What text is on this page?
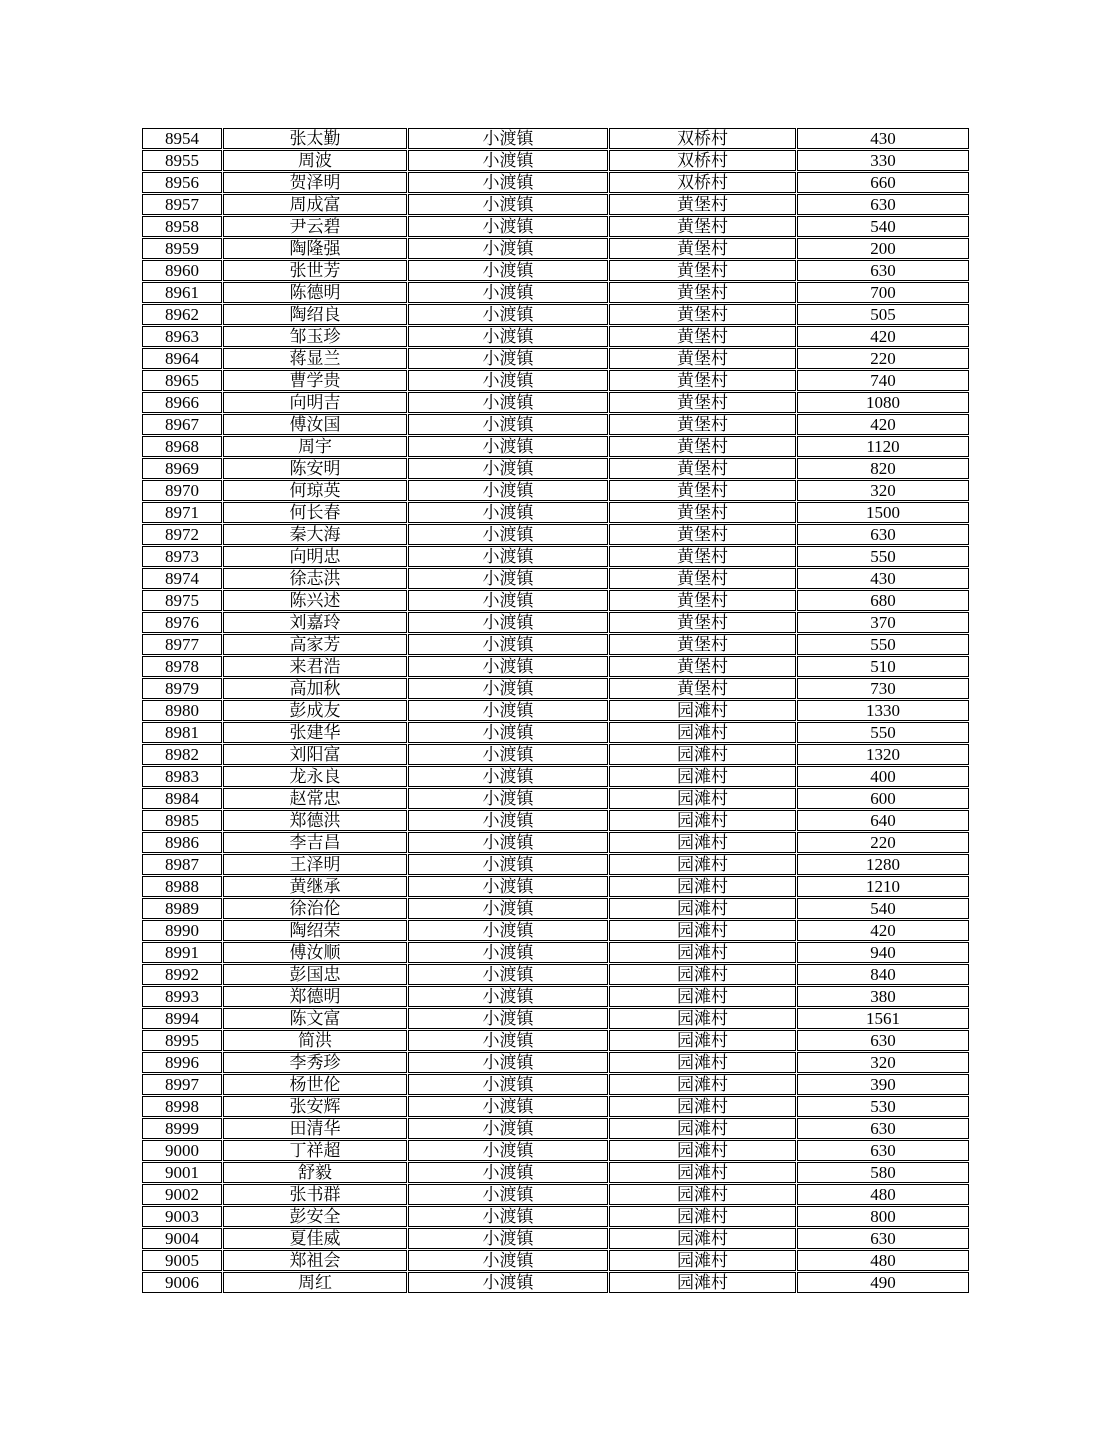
8954	张太勤	小渡镇	双桥村	430
8955	周波	小渡镇	双桥村	330
8956	贺泽明	小渡镇	双桥村	660
8957	周成富	小渡镇	黄堡村	630
8958	尹云碧	小渡镇	黄堡村	540
8959	陶隆强	小渡镇	黄堡村	200
8960	张世芳	小渡镇	黄堡村	630
8961	陈德明	小渡镇	黄堡村	700
8962	陶绍良	小渡镇	黄堡村	505
8963	邹玉珍	小渡镇	黄堡村	420
8964	蒋显兰	小渡镇	黄堡村	220
8965	曹学贵	小渡镇	黄堡村	740
8966	向明吉	小渡镇	黄堡村	1080
8967	傅汝国	小渡镇	黄堡村	420
8968	周宇	小渡镇	黄堡村	1120
8969	陈安明	小渡镇	黄堡村	820
8970	何琼英	小渡镇	黄堡村	320
8971	何长春	小渡镇	黄堡村	1500
8972	秦大海	小渡镇	黄堡村	630
8973	向明忠	小渡镇	黄堡村	550
8974	徐志洪	小渡镇	黄堡村	430
8975	陈兴述	小渡镇	黄堡村	680
8976	刘嘉玲	小渡镇	黄堡村	370
8977	高家芳	小渡镇	黄堡村	550
8978	来君浩	小渡镇	黄堡村	510
8979	高加秋	小渡镇	黄堡村	730
8980	彭成友	小渡镇	园滩村	1330
8981	张建华	小渡镇	园滩村	550
8982	刘阳富	小渡镇	园滩村	1320
8983	龙永良	小渡镇	园滩村	400
8984	赵常忠	小渡镇	园滩村	600
8985	郑德洪	小渡镇	园滩村	640
8986	李吉昌	小渡镇	园滩村	220
8987	王泽明	小渡镇	园滩村	1280
8988	黄继承	小渡镇	园滩村	1210
8989	徐治伦	小渡镇	园滩村	540
8990	陶绍荣	小渡镇	园滩村	420
8991	傅汝顺	小渡镇	园滩村	940
8992	彭国忠	小渡镇	园滩村	840
8993	郑德明	小渡镇	园滩村	380
8994	陈文富	小渡镇	园滩村	1561
8995	简洪	小渡镇	园滩村	630
8996	李秀珍	小渡镇	园滩村	320
8997	杨世伦	小渡镇	园滩村	390
8998	张安辉	小渡镇	园滩村	530
8999	田清华	小渡镇	园滩村	630
9000	丁祥超	小渡镇	园滩村	630
9001	舒毅	小渡镇	园滩村	580
9002	张书群	小渡镇	园滩村	480
9003	彭安全	小渡镇	园滩村	800
9004	夏佳威	小渡镇	园滩村	630
9005	郑祖会	小渡镇	园滩村	480
9006	周红	小渡镇	园滩村	490
